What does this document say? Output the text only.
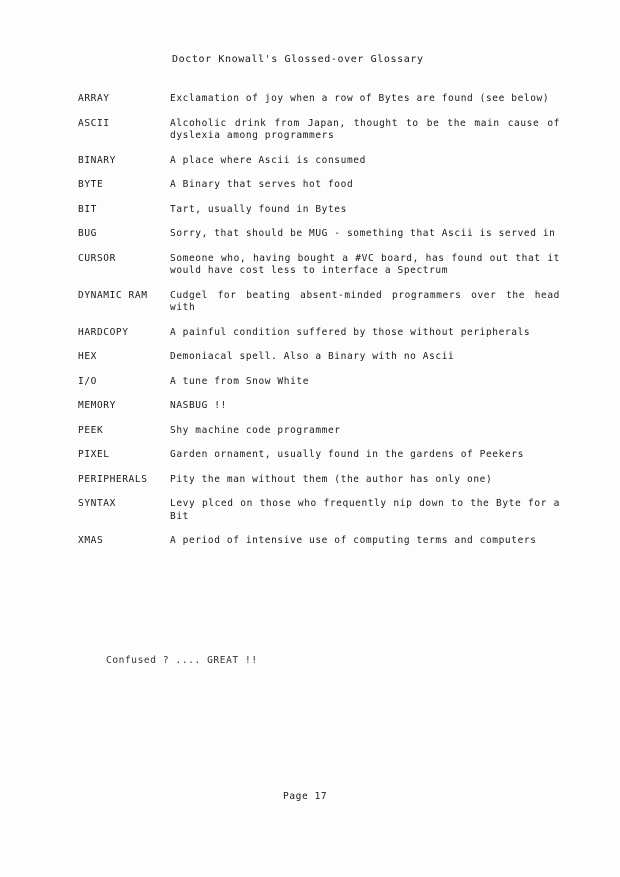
Doctor Knowall's Glossed-over Glossary
ARRAY	Exclamation of joy when a row of Bytes are found (see below)
ASCII	Alcoholic drink from Japan, thought to be the main cause of dyslexia among programmers
BINARY	A place where Ascii is consumed
BYTE	A Binary that serves hot food
BIT	Tart, usually found in Bytes
BUG	Sorry, that should be MUG - something that Ascii is served in
CURSOR	Someone who, having bought a #VC board, has found out that it would have cost less to interface a Spectrum
DYNAMIC RAM	Cudgel for beating absent-minded programmers over the head with
HARDCOPY	A painful condition suffered by those without peripherals
HEX	Demoniacal spell. Also a Binary with no Ascii
I/O	A tune from Snow White
MEMORY	NASBUG !!
PEEK	Shy machine code programmer
PIXEL	Garden ornament, usually found in the gardens of Peekers
PERIPHERALS	Pity the man without them (the author has only one)
SYNTAX	Levy plced on those who frequently nip down to the Byte for a Bit
XMAS	A period of intensive use of computing terms and computers
Confused ? .... GREAT !!
Page 17
